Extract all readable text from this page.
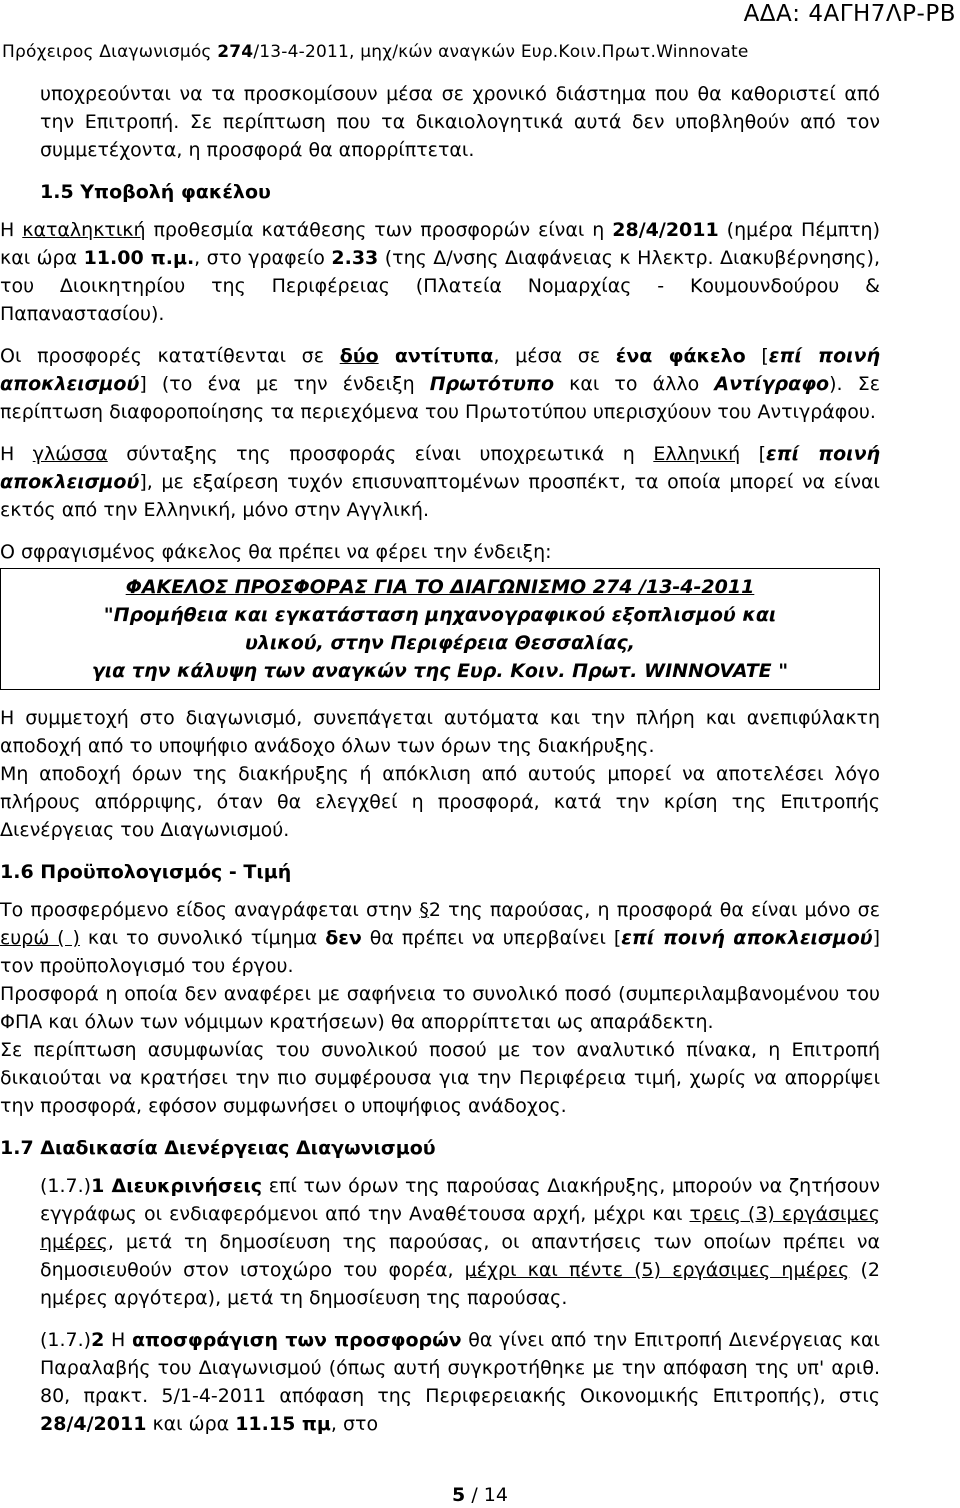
ΑΔΑ: 4ΑΓΗ7ΛΡ-ΡΒ
Πρόχειρος Διαγωνισμός 274/13-4-2011, μηχ/κών αναγκών Ευρ.Κοιν.Πρωτ.Winnovate

υποχρεούνται να τα προσκομίσουν μέσα σε χρονικό διάστημα που θα καθοριστεί από την Επιτροπή. Σε περίπτωση που τα δικαιολογητικά αυτά δεν υποβληθούν από τον συμμετέχοντα, η προσφορά θα απορρίπτεται.

1.5 Υποβολή φακέλου

Η καταληκτική προθεσμία κατάθεσης των προσφορών είναι η 28/4/2011 (ημέρα Πέμπτη) και ώρα 11.00 π.μ., στο γραφείο 2.33 (της Δ/νσης Διαφάνειας κ Ηλεκτρ. Διακυβέρνησης), του Διοικητηρίου της Περιφέρειας (Πλατεία Νομαρχίας - Κουμουνδούρου & Παπαναστασίου).

Οι προσφορές κατατίθενται σε δύο αντίτυπα, μέσα σε ένα φάκελο [επί ποινή αποκλεισμού] (το ένα με την ένδειξη Πρωτότυπο και το άλλο Αντίγραφο). Σε περίπτωση διαφοροποίησης τα περιεχόμενα του Πρωτοτύπου υπερισχύουν του Αντιγράφου.

Η γλώσσα σύνταξης της προσφοράς είναι υποχρεωτικά η Ελληνική [επί ποινή αποκλεισμού], με εξαίρεση τυχόν επισυναπτομένων προσπέκτ, τα οποία μπορεί να είναι εκτός από την Ελληνική, μόνο στην Αγγλική.

Ο σφραγισμένος φάκελος θα πρέπει να φέρει την ένδειξη:

ΦΑΚΕΛΟΣ ΠΡΟΣΦΟΡΑΣ ΓΙΑ ΤΟ ΔΙΑΓΩΝΙΣΜΟ 274 /13-4-2011
"Προμήθεια και εγκατάσταση μηχανογραφικού εξοπλισμού και
υλικού, στην Περιφέρεια Θεσσαλίας,
για την κάλυψη των αναγκών της Ευρ. Κοιν. Πρωτ. WINNOVATE "

Η συμμετοχή στο διαγωνισμό, συνεπάγεται αυτόματα και την πλήρη και ανεπιφύλακτη αποδοχή από το υποψήφιο ανάδοχο όλων των όρων της διακήρυξης.

Μη αποδοχή όρων της διακήρυξης ή απόκλιση από αυτούς μπορεί να αποτελέσει λόγο πλήρους απόρριψης, όταν θα ελεγχθεί η προσφορά, κατά την κρίση της Επιτροπής Διενέργειας του Διαγωνισμού.

1.6 Προϋπολογισμός - Τιμή

Το προσφερόμενο είδος αναγράφεται στην §2 της παρούσας, η προσφορά θα είναι μόνο σε ευρώ ( ) και το συνολικό τίμημα δεν θα πρέπει να υπερβαίνει [επί ποινή αποκλεισμού] τον προϋπολογισμό του έργου.

Προσφορά η οποία δεν αναφέρει με σαφήνεια το συνολικό ποσό (συμπεριλαμβανομένου του ΦΠΑ και όλων των νόμιμων κρατήσεων) θα απορρίπτεται ως απαράδεκτη.

Σε περίπτωση ασυμφωνίας του συνολικού ποσού με τον αναλυτικό πίνακα, η Επιτροπή δικαιούται να κρατήσει την πιο συμφέρουσα για την Περιφέρεια τιμή, χωρίς να απορρίψει την προσφορά, εφόσον συμφωνήσει ο υποψήφιος ανάδοχος.

1.7 Διαδικασία Διενέργειας Διαγωνισμού

(1.7.)1 Διευκρινήσεις επί των όρων της παρούσας Διακήρυξης, μπορούν να ζητήσουν εγγράφως οι ενδιαφερόμενοι από την Αναθέτουσα αρχή, μέχρι και τρεις (3) εργάσιμες ημέρες, μετά τη δημοσίευση της παρούσας, οι απαντήσεις των οποίων πρέπει να δημοσιευθούν στον ιστοχώρο του φορέα, μέχρι και πέντε (5) εργάσιμες ημέρες (2 ημέρες αργότερα), μετά τη δημοσίευση της παρούσας.

(1.7.)2 Η αποσφράγιση των προσφορών θα γίνει από την Επιτροπή Διενέργειας και Παραλαβής του Διαγωνισμού (όπως αυτή συγκροτήθηκε με την απόφαση της υπ' αριθ. 80, πρακτ. 5/1-4-2011 απόφαση της Περιφερειακής Οικονομικής Επιτροπής), στις 28/4/2011 και ώρα 11.15 πμ, στο

5 / 14
